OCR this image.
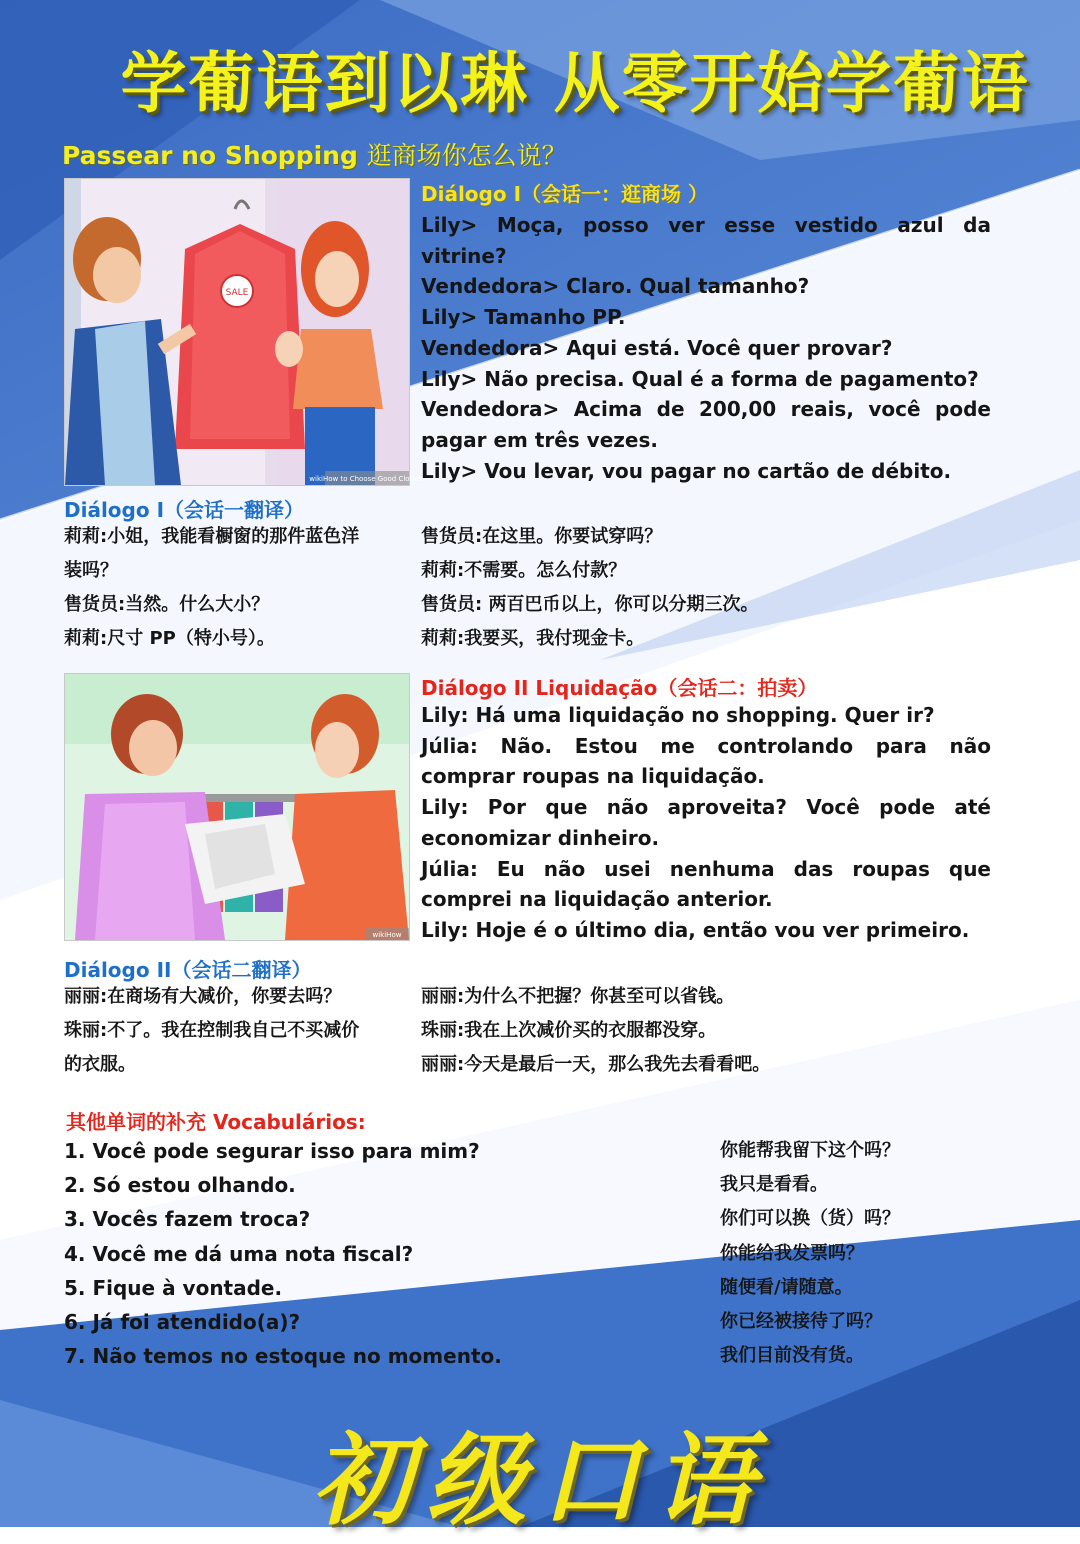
学葡语到以琳 从零开始学葡语
Passear no Shopping 逛商场你怎么说？
SALE
wikiHow to Choose Good Clothes
Diálogo I（会话一：逛商场 ）

Lily> Moça, posso ver esse vestido azul da vitrine?

Vendedora> Claro. Qual tamanho?

Lily> Tamanho PP.

Vendedora> Aqui está. Você quer provar?

Lily> Não precisa. Qual é a forma de pagamento?

Vendedora> Acima de 200,00 reais, você pode pagar em três vezes.

Lily> Vou levar, vou pagar no cartão de débito.

Diálogo I（会话一翻译）

莉莉:小姐，我能看橱窗的那件蓝色洋

装吗？

售货员:当然。什么大小？

莉莉:尺寸 PP（特小号）。

售货员:在这里。你要试穿吗？

莉莉:不需要。怎么付款？

售货员: 两百巴币以上，你可以分期三次。

莉莉:我要买，我付现金卡。

wikiHow
Diálogo II Liquidação（会话二：拍卖）

Lily: Há uma liquidação no shopping. Quer ir?

Júlia: Não. Estou me controlando para não comprar roupas na liquidação.

Lily: Por que não aproveita? Você pode até economizar dinheiro.

Júlia: Eu não usei nenhuma das roupas que comprei na liquidação anterior.

Lily: Hoje é o último dia, então vou ver primeiro.

Diálogo II（会话二翻译）

丽丽:在商场有大减价，你要去吗？

珠丽:不了。我在控制我自己不买减价

的衣服。

丽丽:为什么不把握？你甚至可以省钱。

珠丽:我在上次减价买的衣服都没穿。

丽丽:今天是最后一天，那么我先去看看吧。

其他单词的补充 Vocabulários:

1. Você pode segurar isso para mim?

2. Só estou olhando.

3. Vocês fazem troca?

4. Você me dá uma nota fiscal?

5. Fique à vontade.

6. Já foi atendido(a)?

7. Não temos no estoque no momento.

你能帮我留下这个吗？

我只是看看。

你们可以换（货）吗？

你能给我发票吗？

随便看/请随意。

你已经被接待了吗？

我们目前没有货。

初级口语
